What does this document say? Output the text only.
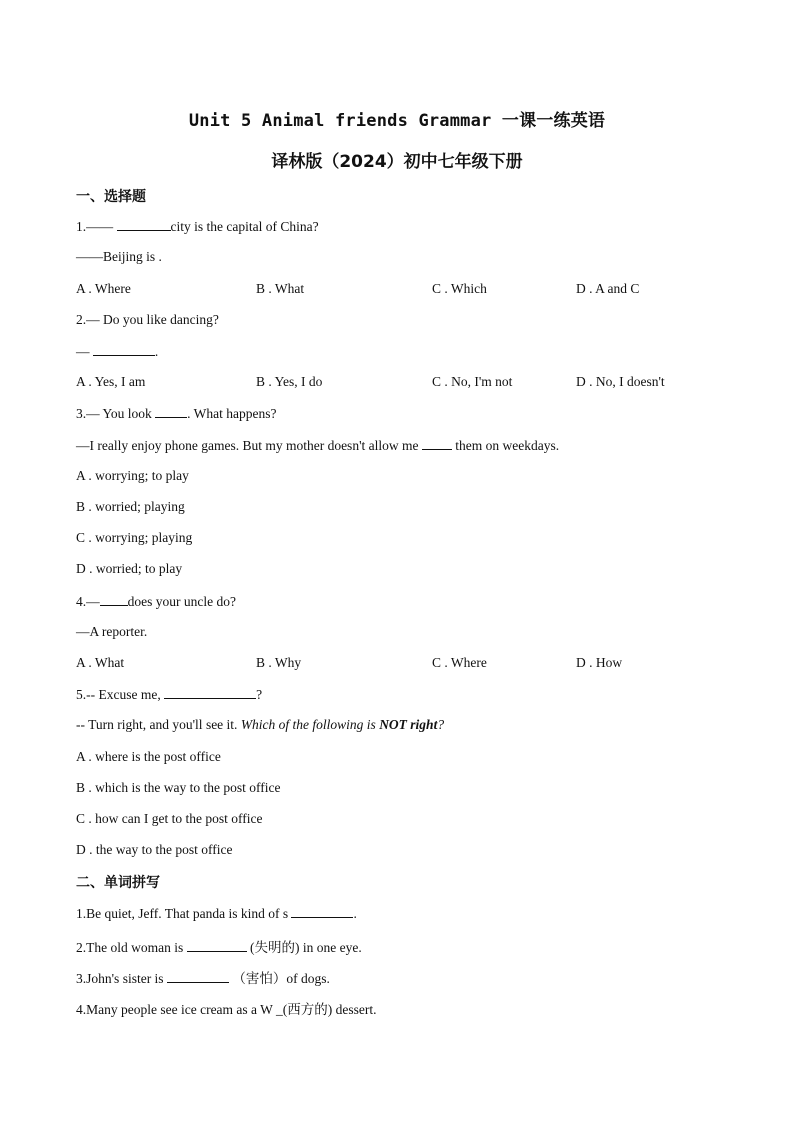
Unit 5 Animal friends Grammar 一课一练英语
译林版（2024）初中七年级下册
一、选择题
1.——	city is the capital of China?
——Beijing is .
A . Where	B . What	C . Which	D . A and C
2.— Do you like dancing?
—	.
A . Yes, I am	B . Yes, I do	C . No, I'm not	D . No, I doesn't
3.— You look . What happens?
—I really enjoy phone games. But my mother doesn't allow me  them on weekdays.
A . worrying; to play
B . worried; playing
C . worrying; playing
D . worried; to play
4.— does your uncle do?
—A reporter.
A . What	B . Why	C . Where	D . How
5.-- Excuse me,	?
-- Turn right, and you'll see it. Which of the following is NOT right?
A . where is the post office
B . which is the way to the post office
C . how can I get to the post office
D . the way to the post office
二、单词拼写
1.Be quiet, Jeff. That panda is kind of s	.
2.The old woman is	(失明的) in one eye.
3.John's sister is	（害怕）of dogs.
4.Many people see ice cream as a W _(西方的) dessert.
